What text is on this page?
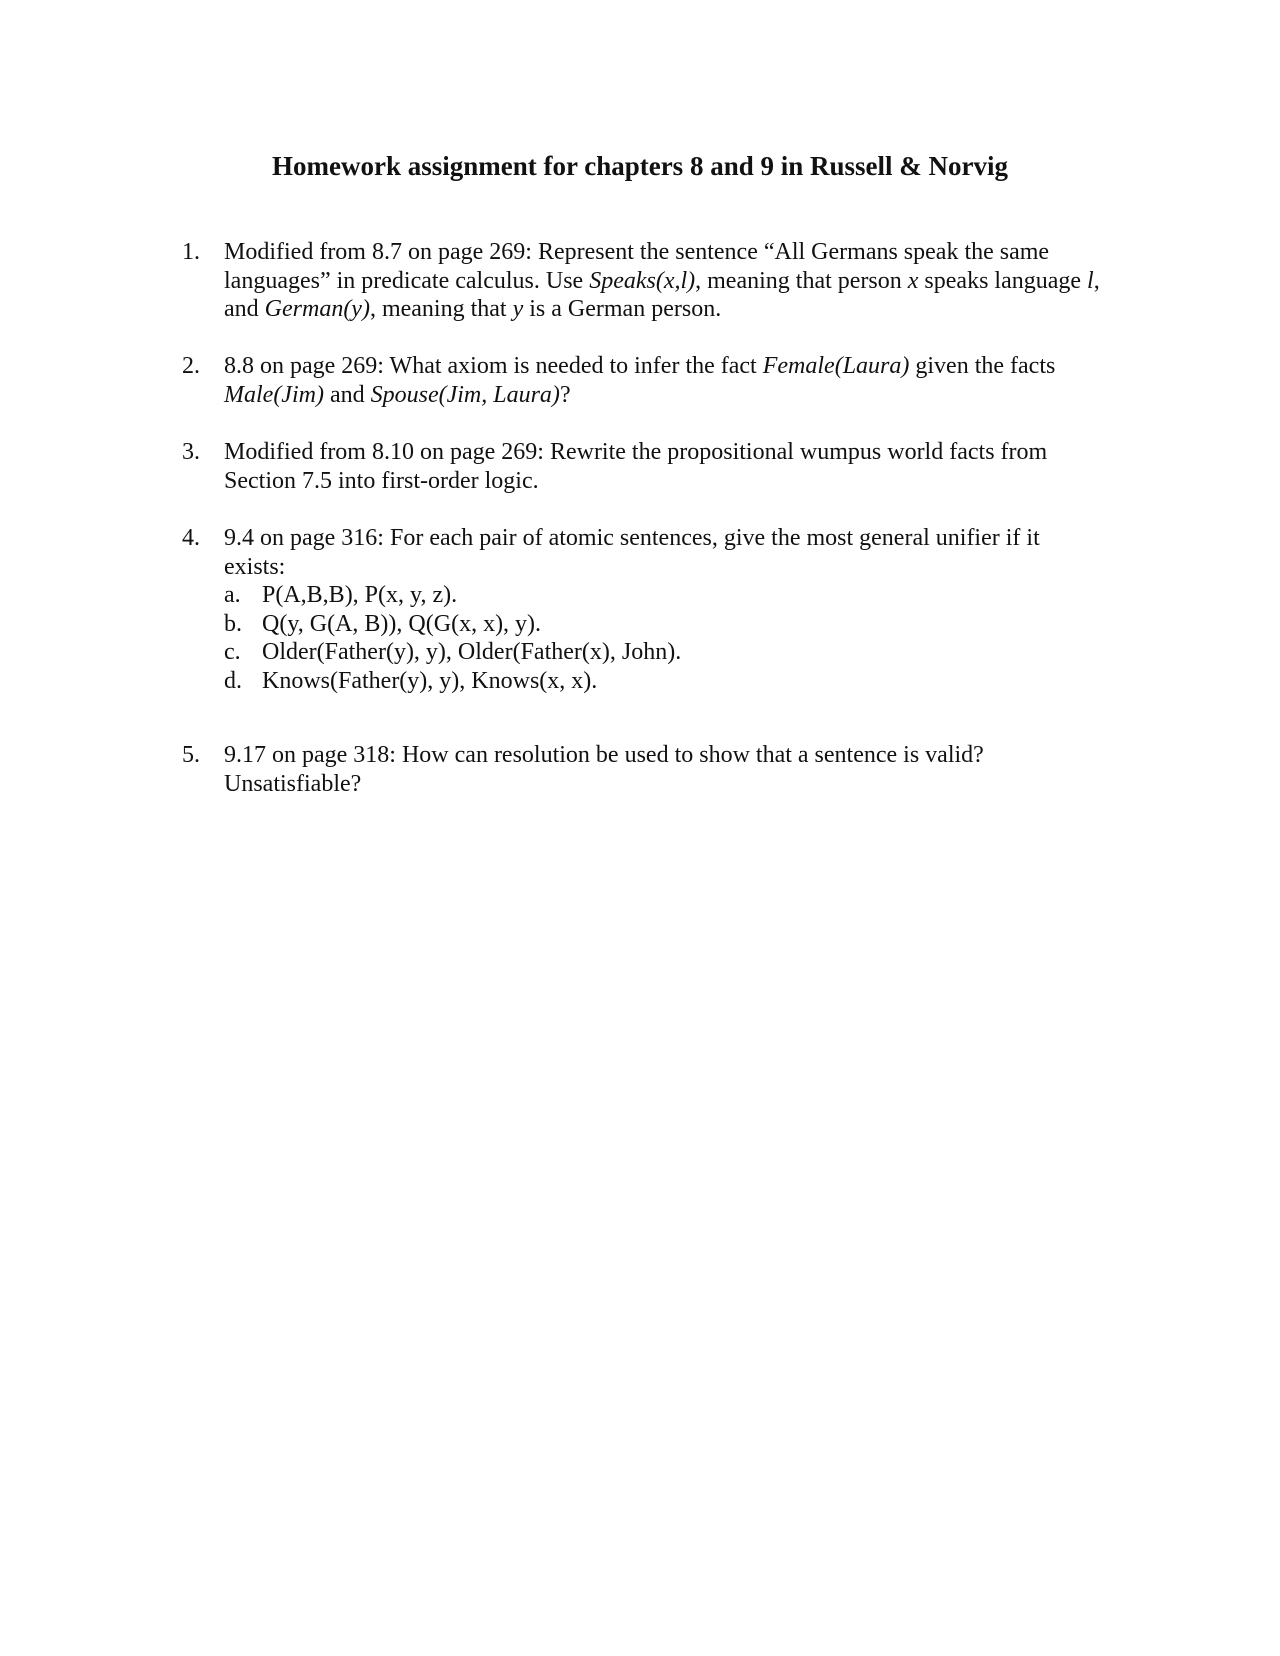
Homework assignment for chapters 8 and 9 in Russell & Norvig
1.	Modified from 8.7 on page 269: Represent the sentence “All Germans speak the same languages” in predicate calculus. Use Speaks(x,l), meaning that person x speaks language l, and German(y), meaning that y is a German person.
2.	8.8 on page 269: What axiom is needed to infer the fact Female(Laura) given the facts Male(Jim) and Spouse(Jim, Laura)?
3.	Modified from 8.10 on page 269: Rewrite the propositional wumpus world facts from Section 7.5 into first-order logic.
4.	9.4 on page 316: For each pair of atomic sentences, give the most general unifier if it exists:
a. P(A,B,B), P(x, y, z).
b. Q(y, G(A, B)), Q(G(x, x), y).
c. Older(Father(y), y), Older(Father(x), John).
d. Knows(Father(y), y), Knows(x, x).
5.	9.17 on page 318: How can resolution be used to show that a sentence is valid? Unsatisfiable?
